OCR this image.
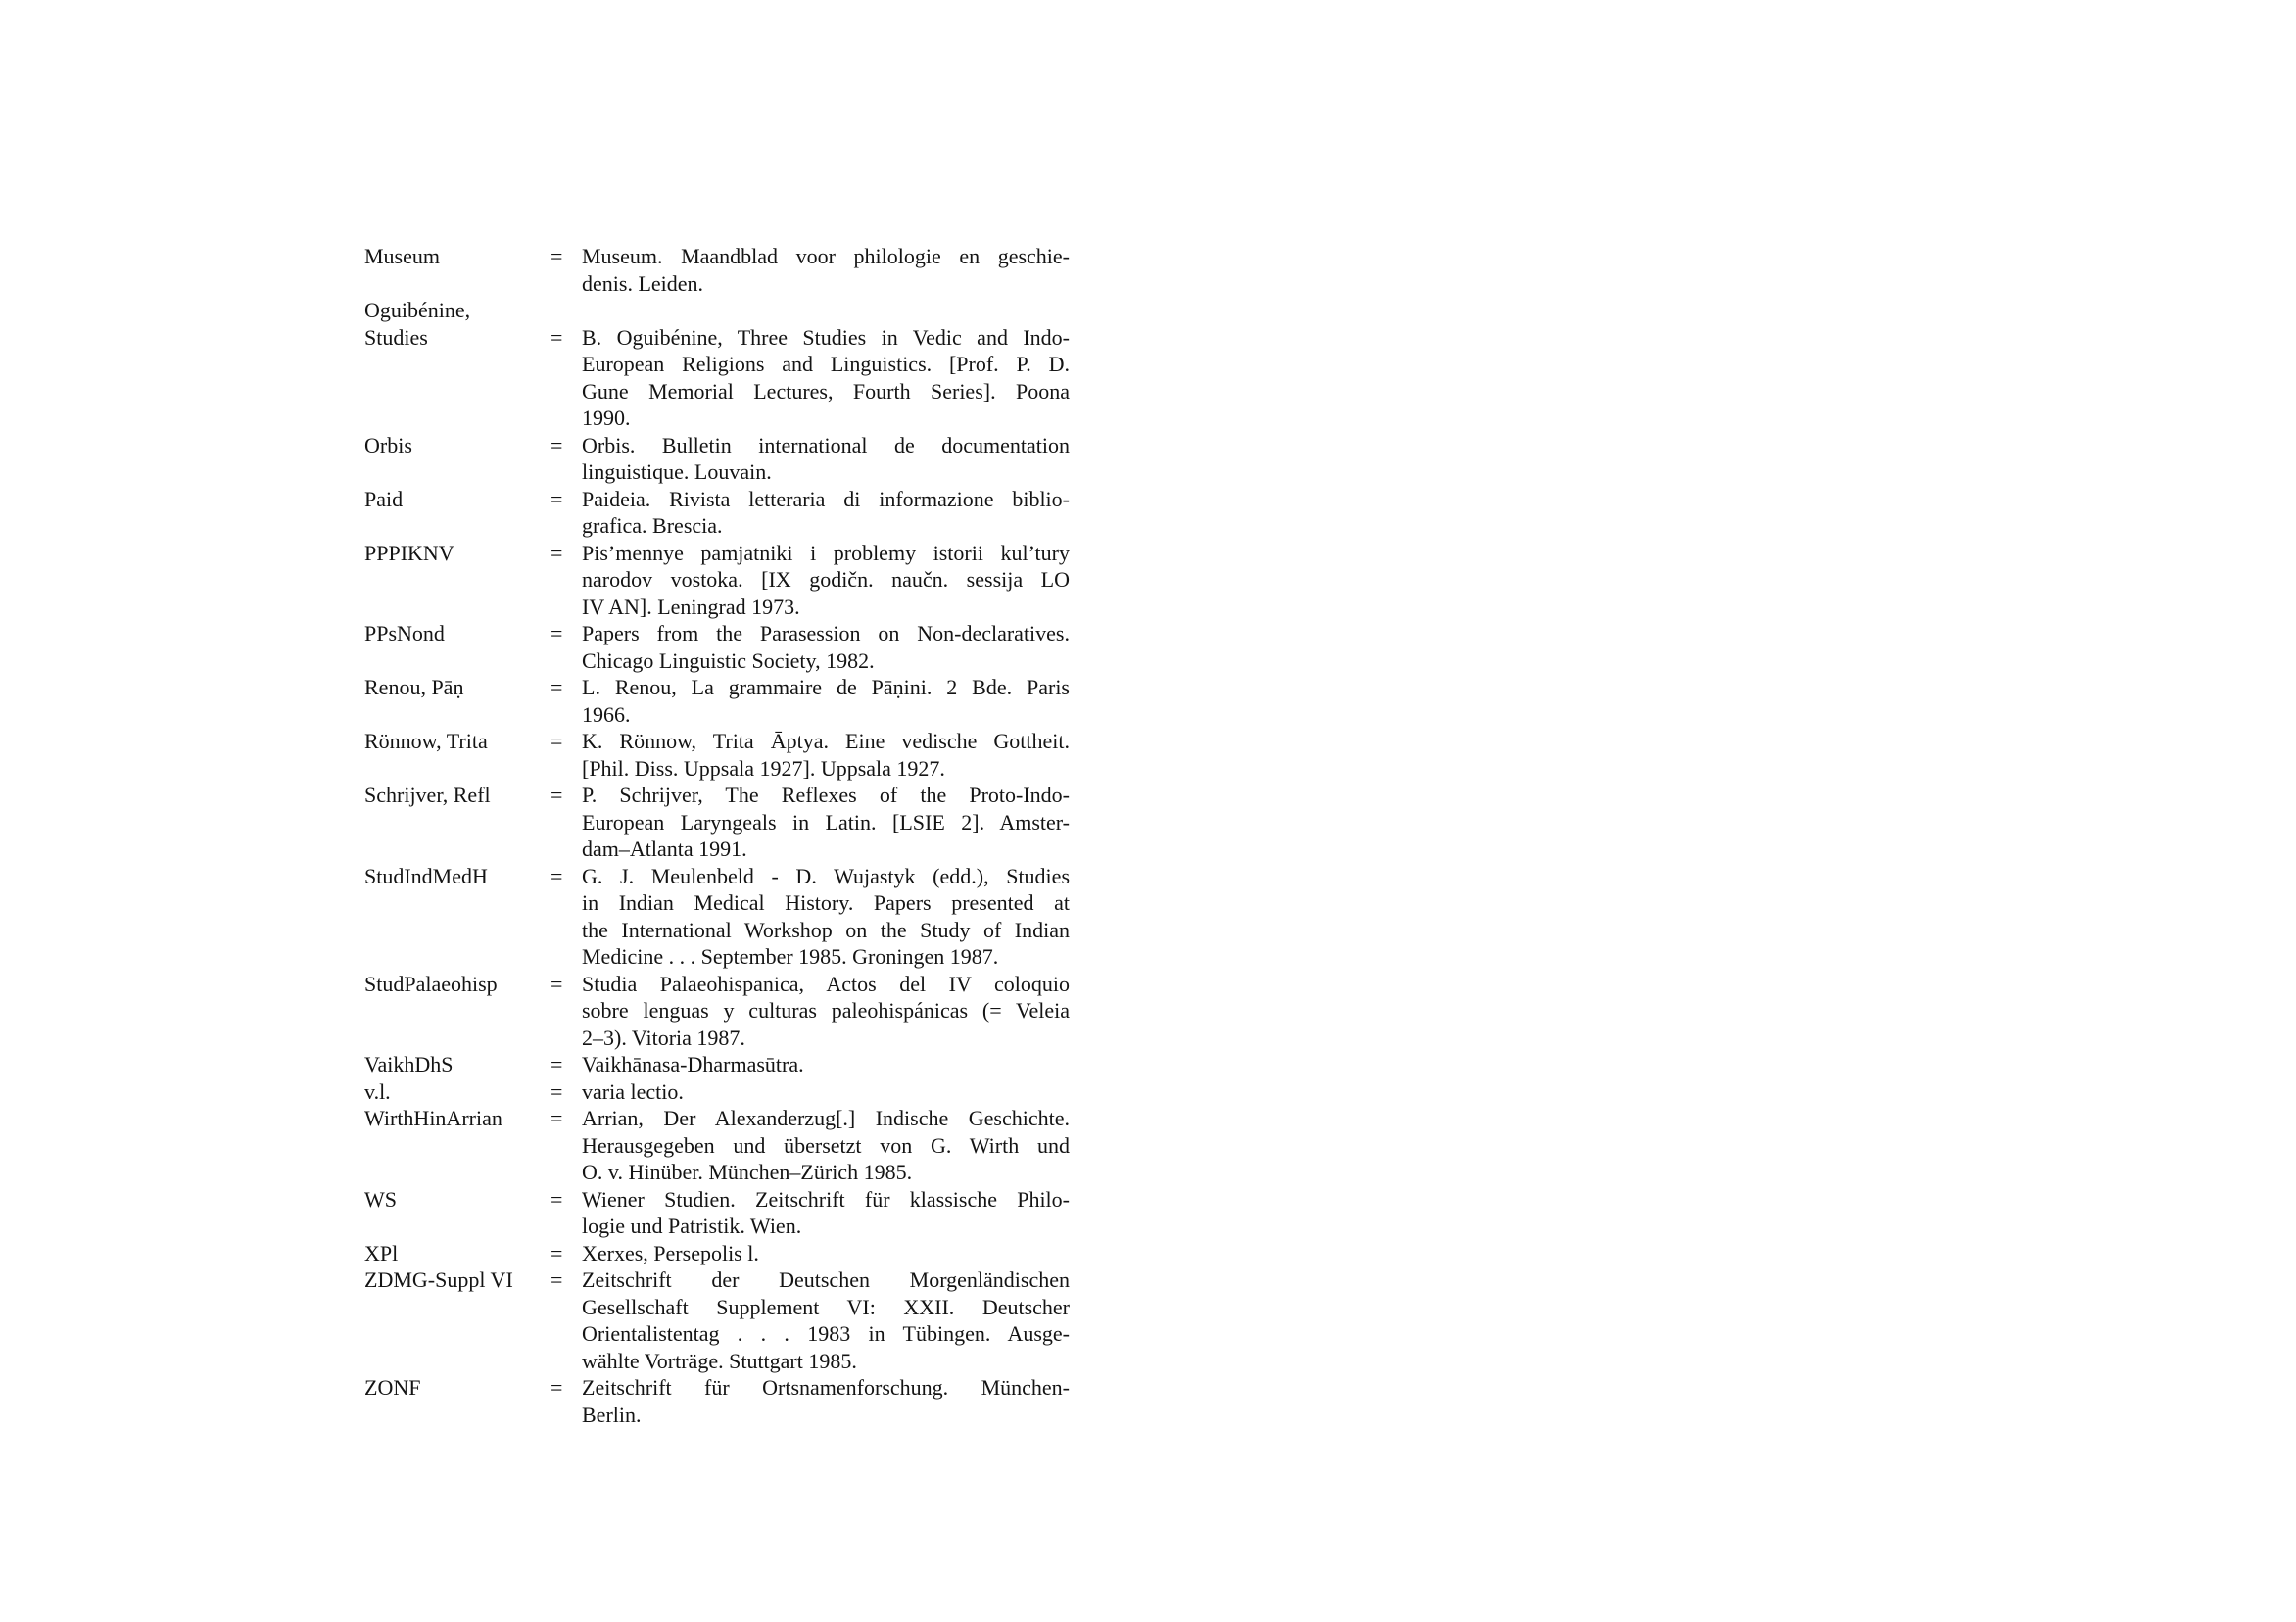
Museum	= Museum. Maandblad voor philologie en geschie-
denis. Leiden.
Oguibénine,
Studies	= B. Oguibénine, Three Studies in Vedic and Indo-
European Religions and Linguistics. [Prof. P. D.
Gune Memorial Lectures, Fourth Series]. Poona
1990.
Orbis	= Orbis. Bulletin international de documentation
linguistique. Louvain.
Paid	= Paideia. Rivista letteraria di informazione biblio-
grafica. Brescia.
PPPIKNV	= Pis’mennye pamjatniki i problemy istorii kul’tury
narodov vostoka. [IX godičn. naučn. sessija LO
IV AN]. Leningrad 1973.
PPsNond	= Papers from the Parasession on Non-declaratives.
Chicago Linguistic Society, 1982.
Renou, Pāṇ	= L. Renou, La grammaire de Pāṇini. 2 Bde. Paris
1966.
Rönnow, Trita	= K. Rönnow, Trita Āptya. Eine vedische Gottheit.
[Phil. Diss. Uppsala 1927]. Uppsala 1927.
Schrijver, Refl	= P. Schrijver, The Reflexes of the Proto-Indo-
European Laryngeals in Latin. [LSIE 2]. Amster-
dam–Atlanta 1991.
StudIndMedH	= G. J. Meulenbeld - D. Wujastyk (edd.), Studies
in Indian Medical History. Papers presented at
the International Workshop on the Study of Indian
Medicine . . . September 1985. Groningen 1987.
StudPalaeohisp	= Studia Palaeohispanica, Actos del IV coloquio
sobre lenguas y culturas paleohispánicas (= Veleia
2–3). Vitoria 1987.
VaikhDhS	= Vaikhānasa-Dharmasūtra.
v.l.	= varia lectio.
WirthHinArrian	= Arrian, Der Alexanderzug[.] Indische Geschichte.
Herausgegeben und übersetzt von G. Wirth und
O. v. Hinüber. München–Zürich 1985.
WS	= Wiener Studien. Zeitschrift für klassische Philo-
logie und Patristik. Wien.
XPl	= Xerxes, Persepolis l.
ZDMG-Suppl VI	= Zeitschrift der Deutschen Morgenländischen
Gesellschaft Supplement VI: XXII. Deutscher
Orientalistentag . . . 1983 in Tübingen. Ausge-
wählte Vorträge. Stuttgart 1985.
ZONF	= Zeitschrift für Ortsnamenforschung. München-
Berlin.
